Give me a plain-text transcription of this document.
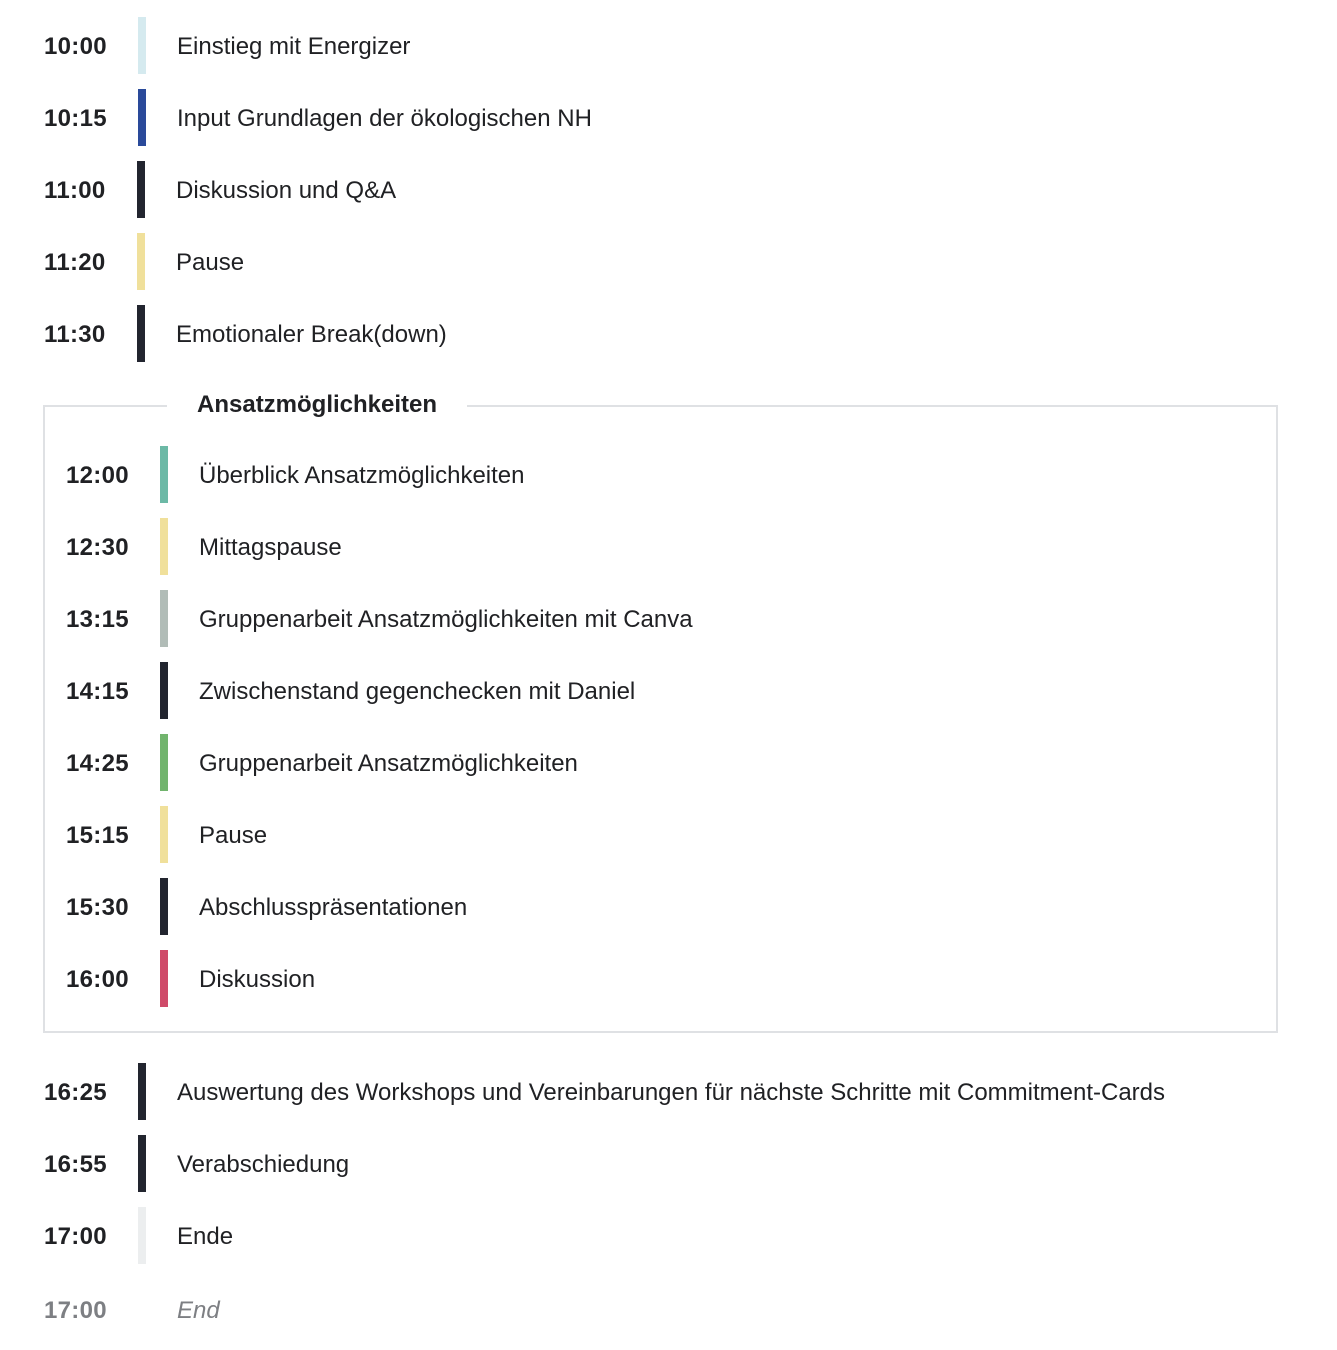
10:00	Einstieg mit Energizer
10:15	Input Grundlagen der ökologischen NH
11:00	Diskussion und Q&A
11:20	Pause
11:30	Emotionaler Break(down)
Ansatzmöglichkeiten
12:00	Überblick Ansatzmöglichkeiten
12:30	Mittagspause
13:15	Gruppenarbeit Ansatzmöglichkeiten mit Canva
14:15	Zwischenstand gegenchecken mit Daniel
14:25	Gruppenarbeit Ansatzmöglichkeiten
15:15	Pause
15:30	Abschlusspräsentationen
16:00	Diskussion
16:25	Auswertung des Workshops und Vereinbarungen für nächste Schritte mit Commitment-Cards
16:55	Verabschiedung
17:00	Ende
17:00	End
